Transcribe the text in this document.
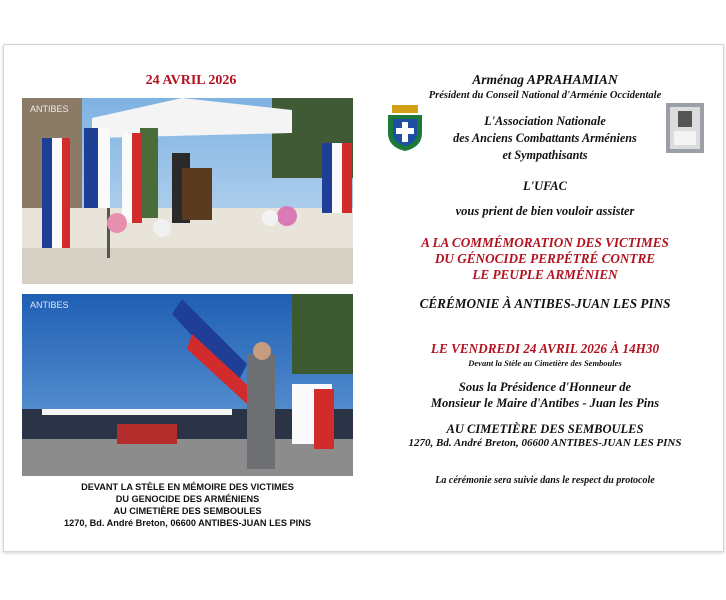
24 AVRIL 2026
ANTIBES
ANTIBES
DEVANT LA STÈLE EN MÉMOIRE DES VICTIMES
DU GENOCIDE DES ARMÉNIENS
AU CIMETIÈRE DES SEMBOULES
1270, Bd. André Breton, 06600 ANTIBES-JUAN LES PINS
Arménag APRAHAMIAN
Président du Conseil National d'Arménie Occidentale
L'Association Nationale
des Anciens Combattants Arméniens
et Sympathisants
L'UFAC
vous prient de bien vouloir assister
A LA COMMÉMORATION DES VICTIMES
DU GÉNOCIDE PERPÉTRÉ CONTRE
LE PEUPLE ARMÉNIEN
CÉRÉMONIE À ANTIBES-JUAN LES PINS
LE VENDREDI 24 AVRIL 2026 À 14H30
Devant la Stèle au Cimetière des Semboules
Sous la Présidence d'Honneur de
Monsieur le Maire d'Antibes - Juan les Pins
AU CIMETIÈRE DES SEMBOULES
1270, Bd. André Breton, 06600 ANTIBES-JUAN LES PINS
La cérémonie sera suivie dans le respect du protocole
